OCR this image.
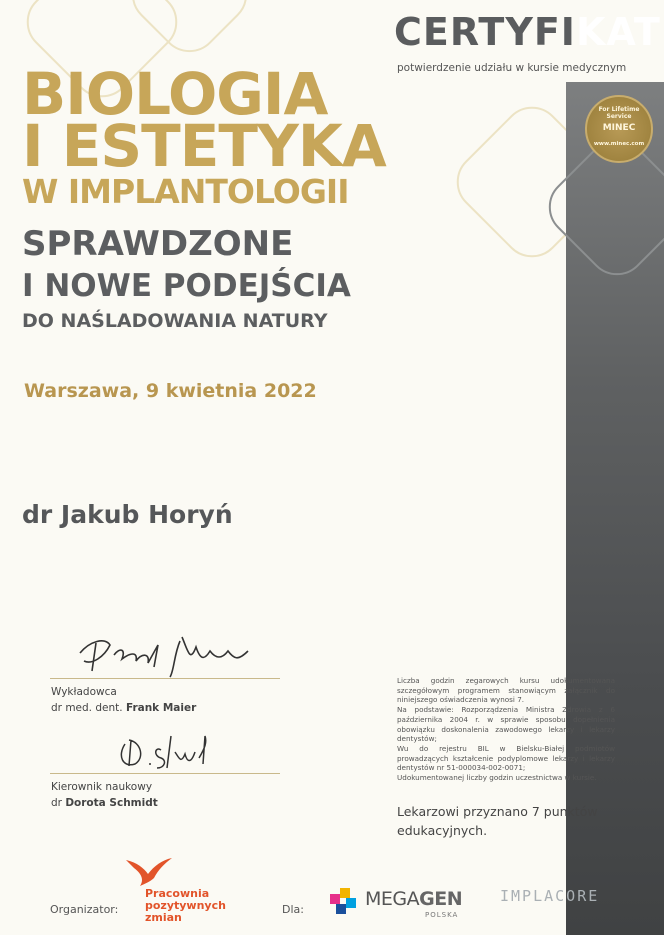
CERTYFIKAT
potwierdzenie udziału w kursie medycznym
For Lifetime Service
MINEC
www.minec.com
BIOLOGIA
I ESTETYKA
W IMPLANTOLOGII
SPRAWDZONE
I NOWE PODEJŚCIA
DO NAŚLADOWANIA NATURY
Warszawa, 9 kwietnia 2022
dr Jakub Horyń
Wykładowca
dr med. dent. Frank Maier
Kierownik naukowy
dr Dorota Schmidt
Liczba godzin zegarowych kursu udokumentowana szczegółowym programem stanowiącym załącznik do niniejszego oświadczenia wynosi 7.
Na podstawie: Rozporządzenia Ministra Zdrowia z 6 października 2004 r. w sprawie sposobu dopełnienia obowiązku doskonalenia zawodowego lekarzy i lekarzy dentystów;
Wu do rejestru BIL w Bielsku-Białej podmiotów prowadzących kształcenie podyplomowe lekarzy i lekarzy dentystów nr 51-000034-002-0071;
Udokumentowanej liczby godzin uczestnictwa w kursie.
Lekarzowi przyznano 7 punktów edukacyjnych.
Organizator:
Pracownia
pozytywnych
zmian
Dla:	MEGAGEN
POLSKA
IMPLACORE
